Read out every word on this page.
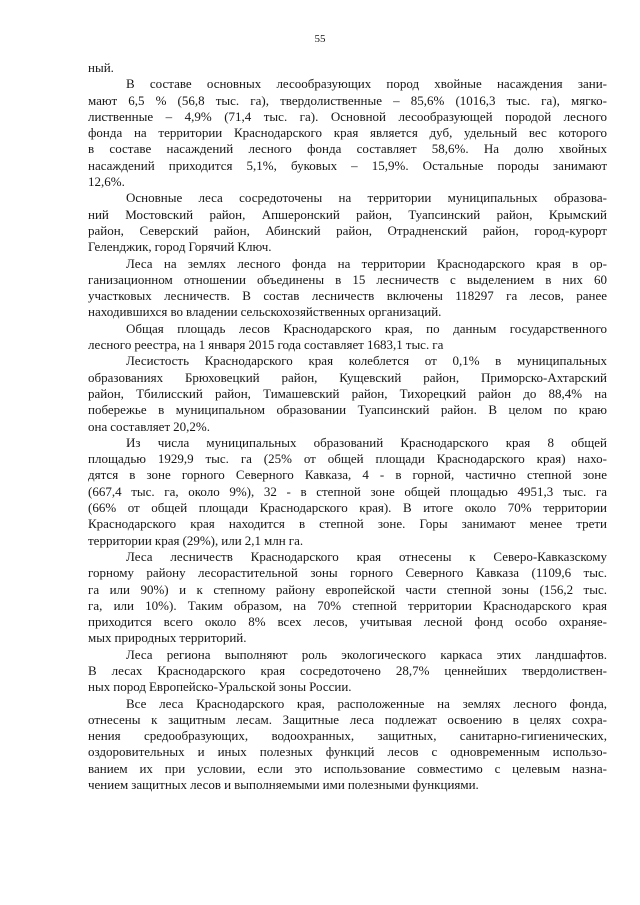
55
ный.
В составе основных лесообразующих пород хвойные насаждения зани-
мают 6,5 % (56,8 тыс. га), твердолиственные – 85,6% (1016,3 тыс. га), мягко-
лиственные – 4,9% (71,4 тыс. га). Основной лесообразующей породой лесного
фонда на территории Краснодарского края является дуб, удельный вес которого
в составе насаждений лесного фонда составляет 58,6%. На долю хвойных
насаждений приходится 5,1%, буковых – 15,9%. Остальные породы занимают
12,6%.
Основные леса сосредоточены на территории муниципальных образова-
ний Мостовский район, Апшеронский район, Туапсинский район, Крымский
район, Северский район, Абинский район, Отрадненский район, город-курорт
Геленджик, город Горячий Ключ.
Леса на землях лесного фонда на территории Краснодарского края в ор-
ганизационном отношении объединены в 15 лесничеств с выделением в них 60
участковых лесничеств. В состав лесничеств включены 118297 га лесов, ранее
находившихся во владении сельскохозяйственных организаций.
Общая площадь лесов Краснодарского края, по данным государственного
лесного реестра, на 1 января 2015 года составляет 1683,1 тыс. га
Лесистость Краснодарского края колеблется от 0,1% в муниципальных
образованиях Брюховецкий район, Кущевский район, Приморско-Ахтарский
район, Тбилисский район, Тимашевский район, Тихорецкий район до 88,4% на
побережье в муниципальном образовании Туапсинский район. В целом по краю
она составляет 20,2%.
Из числа муниципальных образований Краснодарского края 8 общей
площадью 1929,9 тыс. га (25% от общей площади Краснодарского края) нахо-
дятся в зоне горного Северного Кавказа, 4 - в горной, частично степной зоне
(667,4 тыс. га, около 9%), 32 - в степной зоне общей площадью 4951,3 тыс. га
(66% от общей площади Краснодарского края). В итоге около 70% территории
Краснодарского края находится в степной зоне. Горы занимают менее трети
территории края (29%), или 2,1 млн га.
Леса лесничеств Краснодарского края отнесены к Северо-Кавказскому
горному району лесорастительной зоны горного Северного Кавказа (1109,6 тыс.
га или 90%) и к степному району европейской части степной зоны (156,2 тыс.
га, или 10%). Таким образом, на 70% степной территории Краснодарского края
приходится всего около 8% всех лесов, учитывая лесной фонд особо охраняе-
мых природных территорий.
Леса региона выполняют роль экологического каркаса этих ландшафтов.
В лесах Краснодарского края сосредоточено 28,7% ценнейших твердолиствен-
ных пород Европейско-Уральской зоны России.
Все леса Краснодарского края, расположенные на землях лесного фонда,
отнесены к защитным лесам. Защитные леса подлежат освоению в целях сохра-
нения средообразующих, водоохранных, защитных, санитарно-гигиенических,
оздоровительных и иных полезных функций лесов с одновременным использо-
ванием их при условии, если это использование совместимо с целевым назна-
чением защитных лесов и выполняемыми ими полезными функциями.
